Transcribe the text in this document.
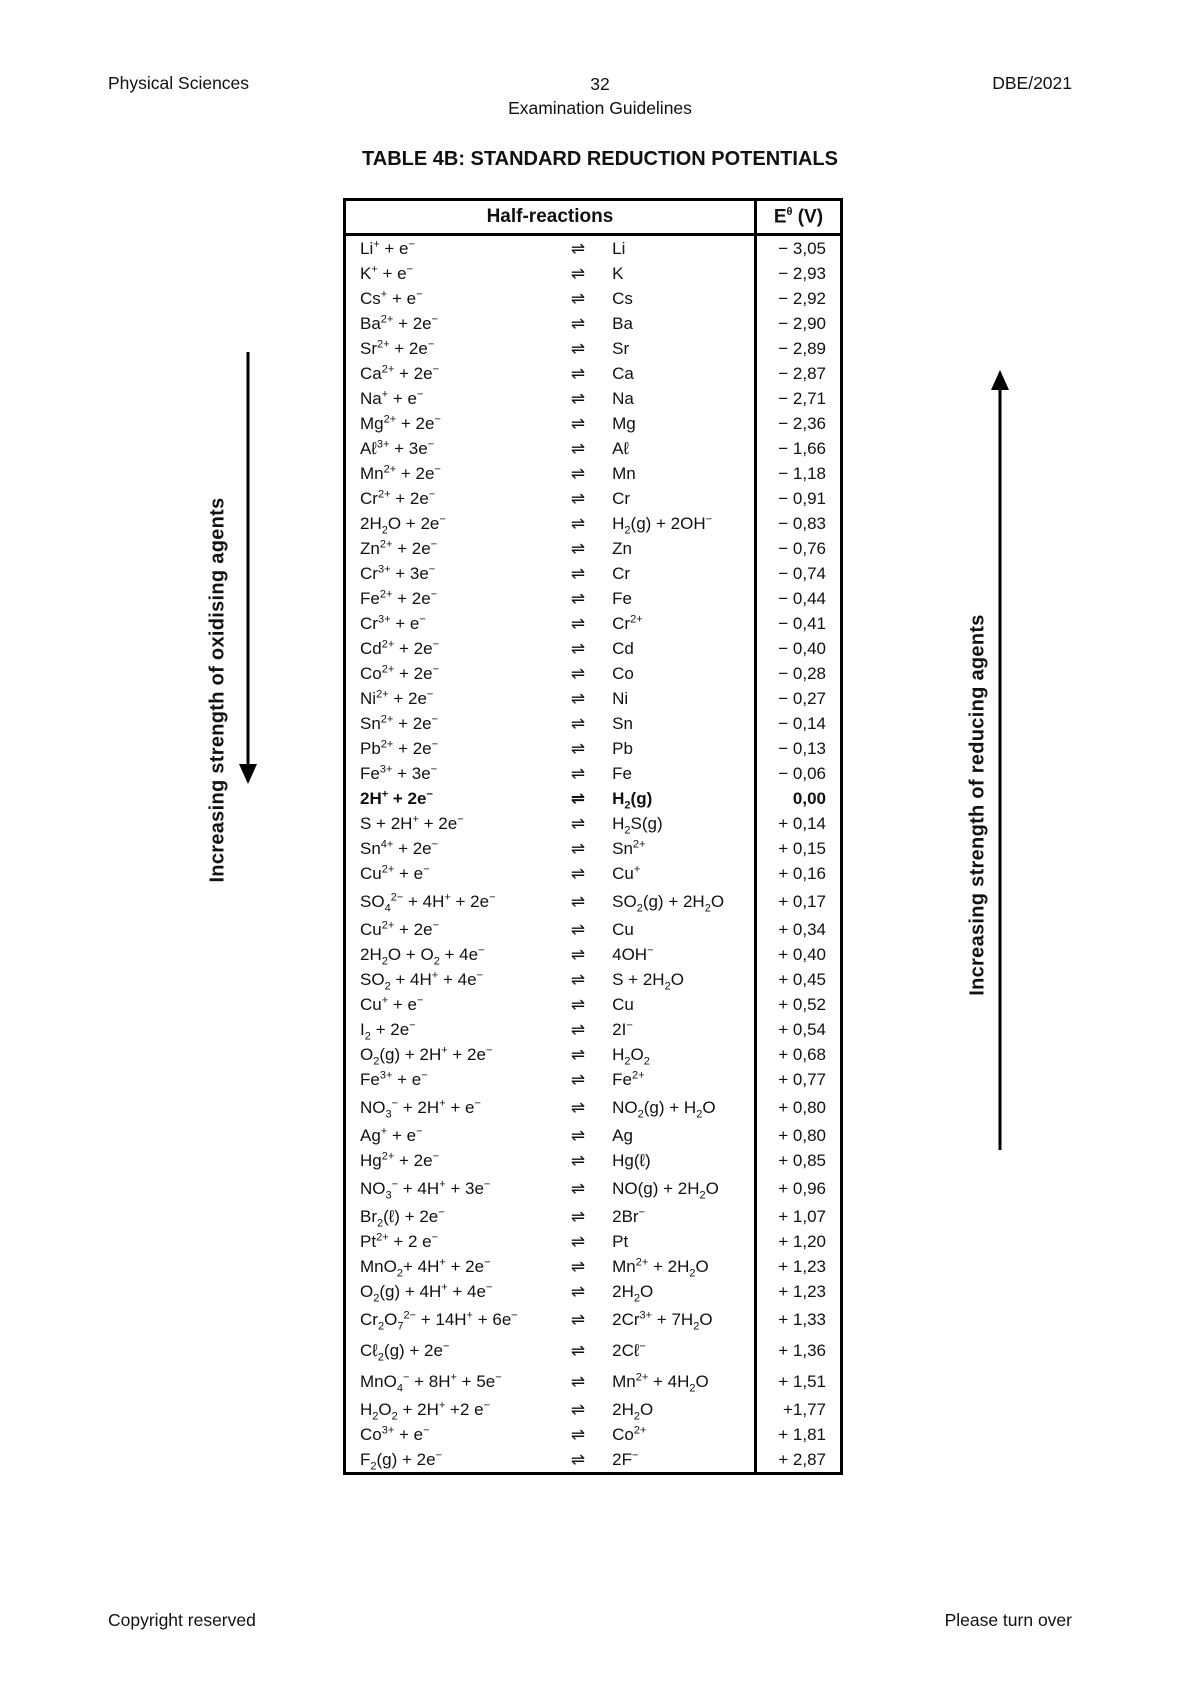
Physical Sciences	32
Examination Guidelines
DBE/2021
TABLE 4B: STANDARD REDUCTION POTENTIALS
Half-reactions			$E^\theta$ (V)
Li+ + e−	⇌	Li	− 3,05
K+ + e−	⇌	K	− 2,93
Cs+ + e−	⇌	Cs	− 2,92
$Ba^{2+} + 2e^-$	⇌	Ba	− 2,90
$Sr^{2+} + 2e^-$	⇌	Sr	− 2,89
$Ca^{2+} + 2e^-$	⇌	Ca	− 2,87
Na+ + e−	⇌	Na	− 2,71
$Mg^{2+} + 2e^-$	⇌	Mg	− 2,36
Aℓ$^{3+}$ + 3e−	⇌	Aℓ	− 1,66
$Mn^{2+} + 2e^-$	⇌	Mn	− 1,18
$Cr^{2+} + 2e^-$	⇌	Cr	− 0,91
$2H_2O + 2e^-$	⇌	$H_2(g) + 2OH^-$	− 0,83
$Zn^{2+} + 2e^-$	⇌	Zn	− 0,76
$Cr^{3+} + 3e^-$	⇌	Cr	− 0,74
$Fe^{2+} + 2e^-$	⇌	Fe	− 0,44
$Cr^{3+} + e^-$	⇌	$Cr^{2+}$	− 0,41
$Cd^{2+} + 2e^-$	⇌	Cd	− 0,40
$Co^{2+} + 2e^-$	⇌	Co	− 0,28
$Ni^{2+} + 2e^-$	⇌	Ni	− 0,27
$Sn^{2+} + 2e^-$	⇌	Sn	− 0,14
$Pb^{2+} + 2e^-$	⇌	Pb	− 0,13
$Fe^{3+} + 3e^-$	⇌	Fe	− 0,06
2H+ + 2e−	⇌	$H_2(g)$	0,00
S + 2H+ + 2e−	⇌	$H_2S(g)$	+ 0,14
$Sn^{4+} + 2e^-$	⇌	$Sn^{2+}$	+ 0,15
$Cu^{2+} + e^-$	⇌	Cu+	+ 0,16
$SO_4^{2-} + 4H^+ + 2e^-$	⇌	$SO_2(g) + 2H_2O$	+ 0,17
$Cu^{2+} + 2e^-$	⇌	Cu	+ 0,34
$2H_2O + O_2 + 4e^-$	⇌	4OH−	+ 0,40
$SO_2 + 4H^+ + 4e^-$	⇌	$S + 2H_2O$	+ 0,45
Cu+ + e−	⇌	Cu	+ 0,52
$I_2 + 2e^-$	⇌	2I−	+ 0,54
$O_2(g) + 2H^+ + 2e^-$	⇌	$H_2O_2$	+ 0,68
$Fe^{3+} + e^-$	⇌	$Fe^{2+}$	+ 0,77
$NO_3^- + 2H^+ + e^-$	⇌	$NO_2(g) + H_2O$	+ 0,80
Ag+ + e−	⇌	Ag	+ 0,80
$Hg^{2+} + 2e^-$	⇌	Hg(ℓ)	+ 0,85
$NO_3^- + 4H^+ + 3e^-$	⇌	$NO(g) + 2H_2O$	+ 0,96
$Br_2(\ell) + 2e^-$	⇌	2Br−	+ 1,07
$Pt^{2+} + 2$ e−	⇌	Pt	+ 1,20
MnO$_2$+ 4H+ + 2e−	⇌	$Mn^{2+} + 2H_2O$	+ 1,23
$O_2(g) + 4H^+ + 4e^-$	⇌	$2H_2O$	+ 1,23
$Cr_2O_7^{2-} + 14H^+ + 6e^-$	⇌	$2Cr^{3+} + 7H_2O$	+ 1,33
Cℓ$_2$(g) + 2e−	⇌	2Cℓ−	+ 1,36
MnO$_4$− + 8H+ + 5e−	⇌	$Mn^{2+} + 4H_2O$	+ 1,51
$H_2O_2 + 2H^+ +2$ e−	⇌	$2H_2O$	+1,77
$Co^{3+} + e^-$	⇌	$Co^{2+}$	+ 1,81
$F_2(g) + 2e^-$	⇌	2F−	+ 2,87
Increasing strength of oxidising agents	Increasing strength of reducing agents
Copyright reserved	Please turn over
